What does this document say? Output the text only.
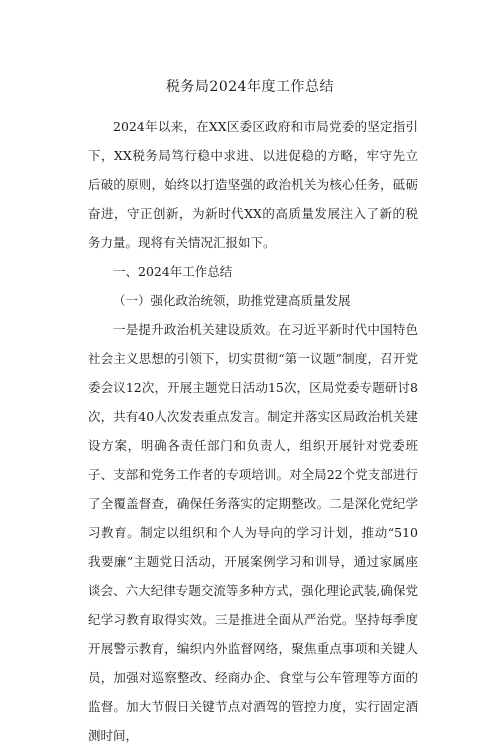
税务局2024年度工作总结

2024年以来，在XX区委区政府和市局党委的坚定指引下，XX税务局笃行稳中求进、以进促稳的方略，牢守先立后破的原则，始终以打造坚强的政治机关为核心任务，砥砺奋进，守正创新，为新时代XX的高质量发展注入了新的税务力量。现将有关情况汇报如下。

一、2024年工作总结

（一）强化政治统领，助推党建高质量发展

一是提升政治机关建设质效。在习近平新时代中国特色社会主义思想的引领下，切实贯彻“第一议题”制度，召开党委会议12次，开展主题党日活动15次，区局党委专题研讨8次，共有40人次发表重点发言。制定并落实区局政治机关建设方案，明确各责任部门和负责人，组织开展针对党委班子、支部和党务工作者的专项培训。对全局22个党支部进行了全覆盖督查，确保任务落实的定期整改。二是深化党纪学习教育。制定以组织和个人为导向的学习计划，推动“510我要廉”主题党日活动，开展案例学习和训导，通过家属座谈会、六大纪律专题交流等多种方式，强化理论武装,确保党纪学习教育取得实效。三是推进全面从严治党。坚持每季度开展警示教育，编织内外监督网络，聚焦重点事项和关键人员，加强对巡察整改、经商办企、食堂与公车管理等方面的监督。加大节假日关键节点对酒驾的管控力度，实行固定酒测时间，
